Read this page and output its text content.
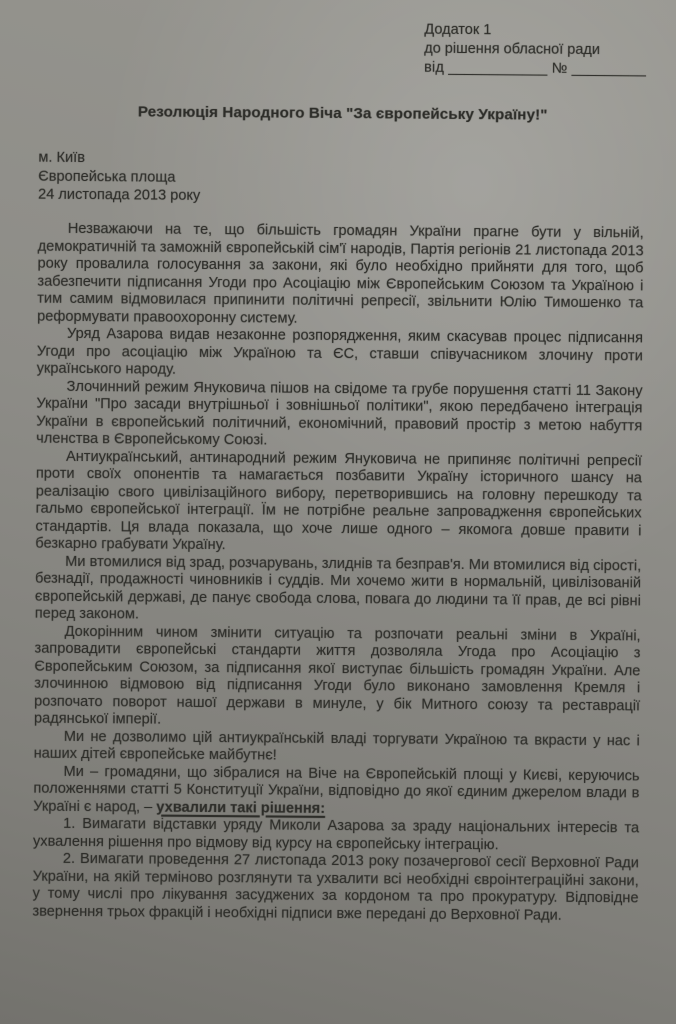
Додаток 1
до рішення обласної ради
від ____________ № _________
Резолюція Народного Віча "За європейську Україну!"
м. Київ
Європейська площа
24 листопада 2013 року

Незважаючи на те, що більшість громадян України прагне бути у вільній, демократичній та заможній європейській сім'ї народів, Партія регіонів 21 листопада 2013 року провалила голосування за закони, які було необхідно прийняти для того, щоб забезпечити підписання Угоди про Асоціацію між Європейським Союзом та Україною і тим самим відмовилася припинити політичні репресії, звільнити Юлію Тимошенко та реформувати правоохоронну систему.

Уряд Азарова видав незаконне розпорядження, яким скасував процес підписання Угоди про асоціацію між Україною та ЄС, ставши співучасником злочину проти українського народу.

Злочинний режим Януковича пішов на свідоме та грубе порушення статті 11 Закону України "Про засади внутрішньої і зовнішньої політики", якою передбачено інтеграція України в європейський політичний, економічний, правовий простір з метою набуття членства в Європейському Союзі.

Антиукраїнський, антинародний режим Януковича не припиняє політичні репресії проти своїх опонентів та намагається позбавити Україну історичного шансу на реалізацію свого цивілізаційного вибору, перетворившись на головну перешкоду та гальмо європейської інтеграції. Їм не потрібне реальне запровадження європейських стандартів. Ця влада показала, що хоче лише одного – якомога довше правити і безкарно грабувати Україну.

Ми втомилися від зрад, розчарувань, злиднів та безправ'я. Ми втомилися від сірості, безнадії, продажності чиновників і суддів. Ми хочемо жити в нормальній, цивілізованій європейській державі, де панує свобода слова, повага до людини та її прав, де всі рівні перед законом.

Докорінним чином змінити ситуацію та розпочати реальні зміни в Україні, запровадити європейські стандарти життя дозволяла Угода про Асоціацію з Європейським Союзом, за підписання якої виступає більшість громадян України. Але злочинною відмовою від підписання Угоди було виконано замовлення Кремля і розпочато поворот нашої держави в минуле, у бік Митного союзу та реставрації радянської імперії.

Ми не дозволимо цій антиукраїнській владі торгувати Україною та вкрасти у нас і наших дітей європейське майбутнє!

Ми – громадяни, що зібралися на Віче на Європейській площі у Києві, керуючись положеннями статті 5 Конституції України, відповідно до якої єдиним джерелом влади в Україні є народ, – ухвалили такі рішення:

1. Вимагати відставки уряду Миколи Азарова за зраду національних інтересів та ухвалення рішення про відмову від курсу на європейську інтеграцію.

2. Вимагати проведення 27 листопада 2013 року позачергової сесії Верховної Ради України, на якій терміново розглянути та ухвалити всі необхідні євроінтеграційні закони, у тому числі про лікування засуджених за кордоном та про прокуратуру. Відповідне звернення трьох фракцій і необхідні підписи вже передані до Верховної Ради.
